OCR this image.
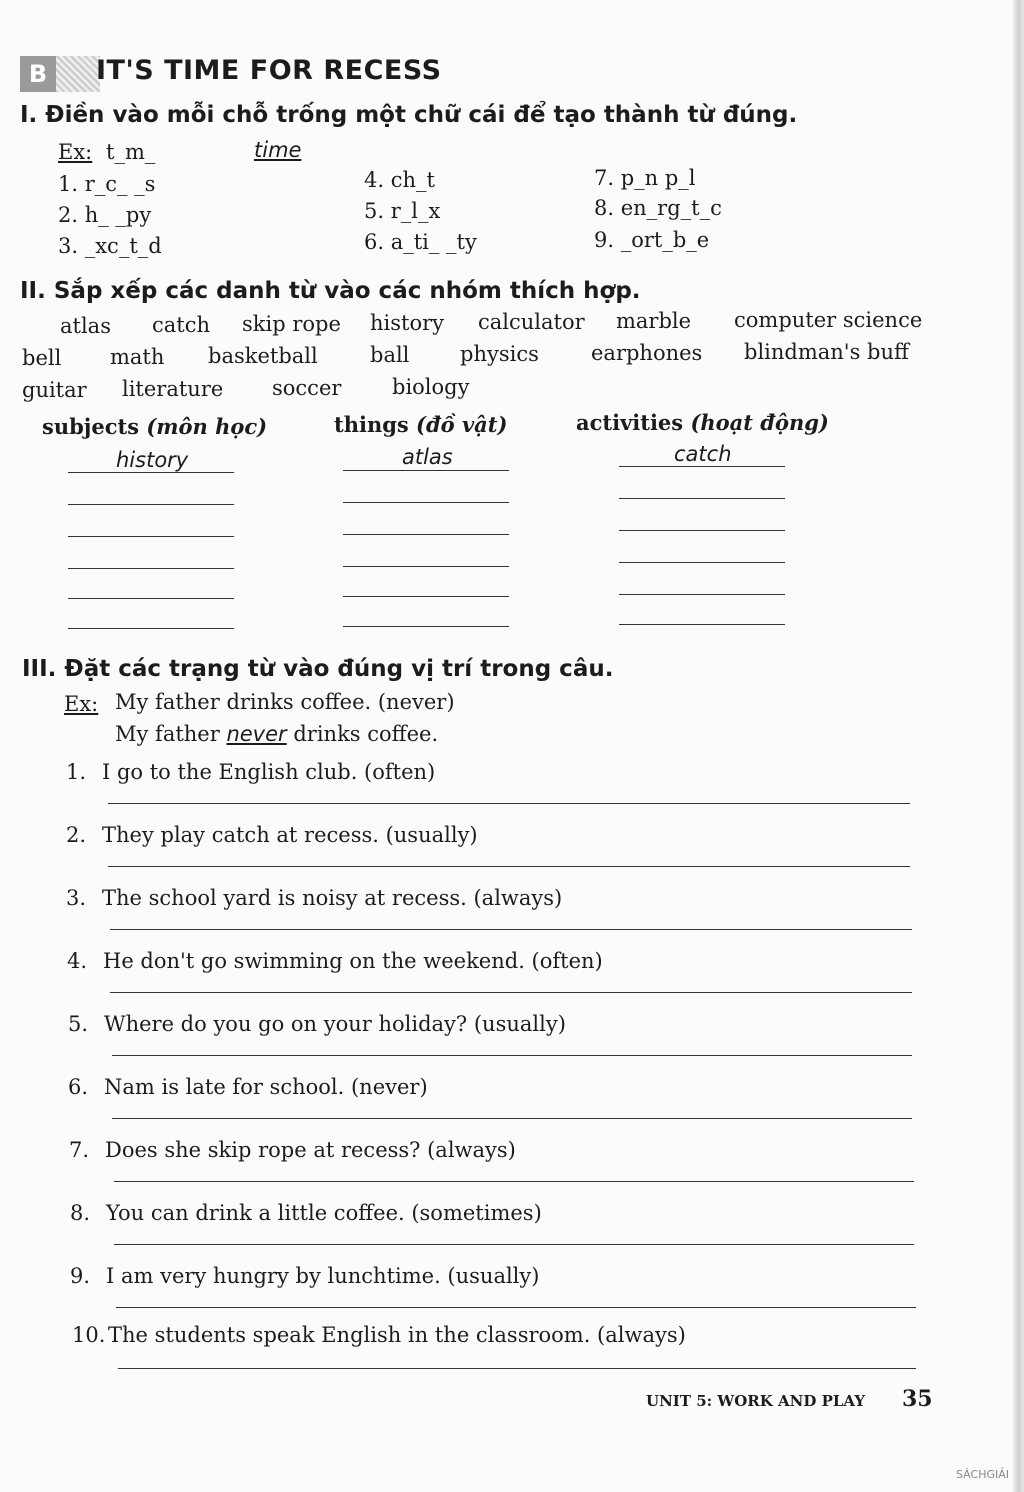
B	IT'S TIME FOR RECESS
I. Điền vào mỗi chỗ trống một chữ cái để tạo thành từ đúng.
Ex: t_m_	time
1. r_c_ _s
2. h_ _py
3. _xc_t_d
4. ch_t
5. r_l_x
6. a_ti_ _ty
7. p_n p_l
8. en_rg_t_c
9. _ort_b_e
II. Sắp xếp các danh từ vào các nhóm thích hợp.
atlas catch skip rope history calculator marble computer science
bell math basketball ball physics earphones blindman's buff
guitar literature soccer biology
subjects (môn học)	things (đồ vật)	activities (hoạt động)
history	atlas	catch
III. Đặt các trạng từ vào đúng vị trí trong câu.
Ex: My father drinks coffee. (never)
My father never drinks coffee.
1. I go to the English club. (often)
2. They play catch at recess. (usually)
3. The school yard is noisy at recess. (always)
4. He don't go swimming on the weekend. (often)
5. Where do you go on your holiday? (usually)
6. Nam is late for school. (never)
7. Does she skip rope at recess? (always)
8. You can drink a little coffee. (sometimes)
9. I am very hungry by lunchtime. (usually)
10. The students speak English in the classroom. (always)
UNIT 5: WORK AND PLAY 35
SÁCHGIẢI
